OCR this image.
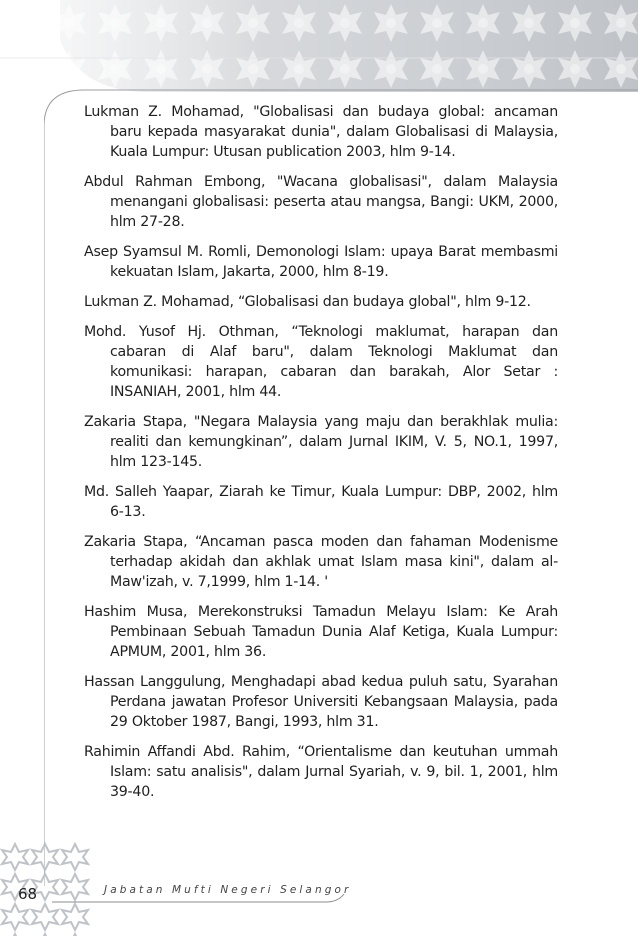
Lukman Z. Mohamad, "Globalisasi dan budaya global: ancaman baru kepada masyarakat dunia", dalam Globalisasi di Malaysia, Kuala Lumpur: Utusan publication 2003, hlm 9-14.
Abdul Rahman Embong, "Wacana globalisasi", dalam Malaysia menangani globalisasi: peserta atau mangsa, Bangi: UKM, 2000, hlm 27-28.
Asep Syamsul M. Romli, Demonologi Islam: upaya Barat membasmi kekuatan Islam, Jakarta, 2000, hlm 8-19.
Lukman Z. Mohamad, “Globalisasi dan budaya global", hlm 9-12.
Mohd. Yusof Hj. Othman, “Teknologi maklumat, harapan dan cabaran di Alaf baru", dalam Teknologi Maklumat dan komunikasi: harapan, cabaran dan barakah, Alor Setar : INSANIAH, 2001, hlm 44.
Zakaria Stapa, "Negara Malaysia yang maju dan berakhlak mulia: realiti dan kemungkinan”, dalam Jurnal IKIM, V. 5, NO.1, 1997, hlm 123-145.
Md. Salleh Yaapar, Ziarah ke Timur, Kuala Lumpur: DBP, 2002, hlm 6-13.
Zakaria Stapa, “Ancaman pasca moden dan fahaman Modenisme terhadap akidah dan akhlak umat Islam masa kini", dalam al-Maw'izah, v. 7,1999, hlm 1-14. '
Hashim Musa, Merekonstruksi Tamadun Melayu Islam: Ke Arah Pembinaan Sebuah Tamadun Dunia Alaf Ketiga, Kuala Lumpur: APMUM, 2001, hlm 36.
Hassan Langgulung, Menghadapi abad kedua puluh satu, Syarahan Perdana jawatan Profesor Universiti Kebangsaan Malaysia, pada 29 Oktober 1987, Bangi, 1993, hlm 31.
Rahimin Affandi Abd. Rahim, “Orientalisme dan keutuhan ummah Islam: satu analisis", dalam Jurnal Syariah, v. 9, bil. 1, 2001, hlm 39-40.
68	Jabatan Mufti Negeri Selangor
